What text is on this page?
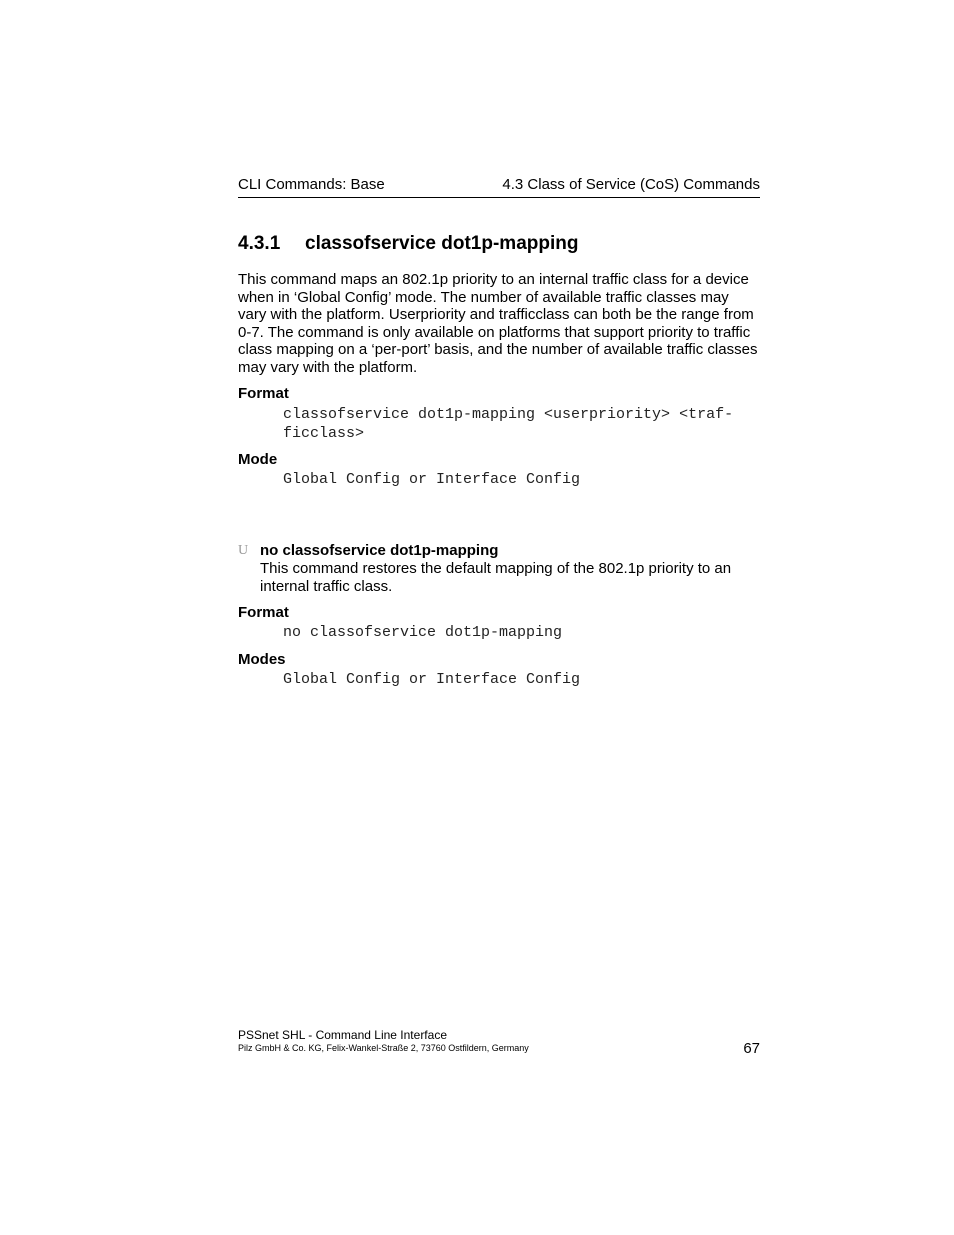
CLI Commands: Base	4.3 Class of Service (CoS) Commands
4.3.1 classofservice dot1p-mapping

This command maps an 802.1p priority to an internal traffic class for a device when in ‘Global Config’ mode. The number of available traffic classes may vary with the platform. Userpriority and trafficclass can both be the range from 0-7. The command is only available on platforms that support priority to traffic class mapping on a ‘per-port’ basis, and the number of available traffic classes may vary with the platform.

Format
classofservice dot1p-mapping <userpriority> <traf-
ficclass>
Mode
Global Config or Interface Config
U no classofservice dot1p-mapping

This command restores the default mapping of the 802.1p priority to an internal traffic class.

Format
no classofservice dot1p-mapping
Modes
Global Config or Interface Config
PSSnet SHL - Command Line Interface
Pilz GmbH & Co. KG, Felix-Wankel-Straße 2, 73760 Ostfildern, Germany	67
